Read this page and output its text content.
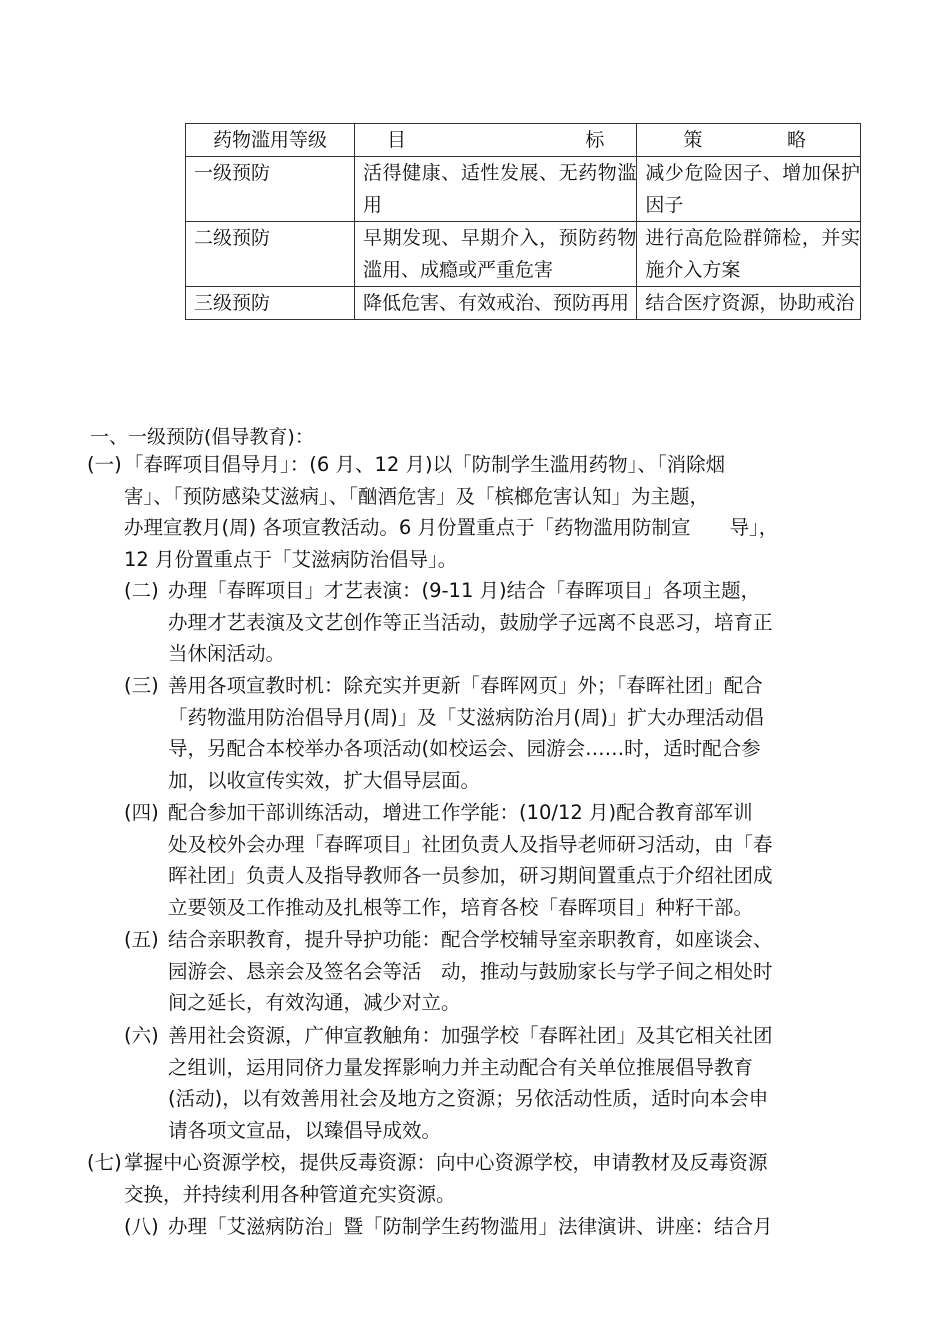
药物滥用等级	目 标	策 略

一级预防	活得健康、适性发展、无药物滥用	减少危险因子、增加保护因子
二级预防	早期发现、早期介入，预防药物滥用、成瘾或严重危害	进行高危险群筛检，并实施介入方案
三级预防	降低危害、有效戒治、预防再用	结合医疗资源，协助戒治
一、一级预防(倡导教育)：
(一) 「春晖项目倡导月」：(6 月、12 月)以「防制学生滥用药物」、「消除烟
害」、「预防感染艾滋病」、「酗酒危害」及「槟榔危害认知」为主题，
办理宣教月(周) 各项宣教活动。6 月份置重点于「药物滥用防制宣　　导」，
12 月份置重点于「艾滋病防治倡导」。
(二) 办理「春晖项目」才艺表演：(9-11 月)结合「春晖项目」各项主题，
办理才艺表演及文艺创作等正当活动，鼓励学子远离不良恶习，培育正
当休闲活动。
(三) 善用各项宣教时机：除充实并更新「春晖网页」外；「春晖社团」配合
「药物滥用防治倡导月(周)」及「艾滋病防治月(周)」扩大办理活动倡
导，另配合本校举办各项活动(如校运会、园游会……时，适时配合参
加，以收宣传实效，扩大倡导层面。
(四) 配合参加干部训练活动，增进工作学能：(10/12 月)配合教育部军训
处及校外会办理「春晖项目」社团负责人及指导老师研习活动，由「春
晖社团」负责人及指导教师各一员参加，研习期间置重点于介绍社团成
立要领及工作推动及扎根等工作，培育各校「春晖项目」种籽干部。
(五) 结合亲职教育，提升导护功能：配合学校辅导室亲职教育，如座谈会、
园游会、恳亲会及签名会等活　动，推动与鼓励家长与学子间之相处时
间之延长，有效沟通，减少对立。
(六) 善用社会资源，广伸宣教触角：加强学校「春晖社团」及其它相关社团
之组训，运用同侪力量发挥影响力并主动配合有关单位推展倡导教育
(活动)，以有效善用社会及地方之资源；另依活动性质，适时向本会申
请各项文宣品，以臻倡导成效。
(七) 掌握中心资源学校，提供反毒资源：向中心资源学校，申请教材及反毒资源
交换，并持续利用各种管道充实资源。
(八) 办理「艾滋病防治」暨「防制学生药物滥用」法律演讲、讲座：结合月
